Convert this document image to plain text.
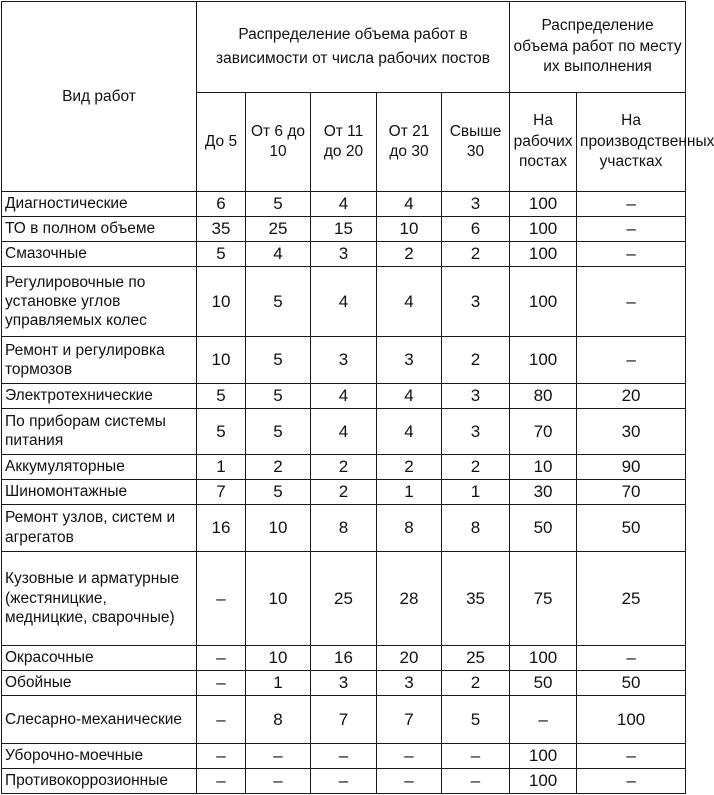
Вид работ	Распределение объема работ в зависимости от числа рабочих постов					Распределение объема работ по месту их выполнения	
	До 5	От 6 до 10	От 11 до 20	От 21 до 30	Свыше 30	На рабочих постах	На производственных участках
Диагностические	6	5	4	4	3	100	–
ТО в полном объеме	35	25	15	10	6	100	–
Смазочные	5	4	3	2	2	100	–
Регулировочные по установке углов управляемых колес	10	5	4	4	3	100	–
Ремонт и регулировка тормозов	10	5	3	3	2	100	–
Электротехнические	5	5	4	4	3	80	20
По приборам системы питания	5	5	4	4	3	70	30
Аккумуляторные	1	2	2	2	2	10	90
Шиномонтажные	7	5	2	1	1	30	70
Ремонт узлов, систем и агрегатов	16	10	8	8	8	50	50
Кузовные и арматурные (жестяницкие, медницкие, сварочные)	–	10	25	28	35	75	25
Окрасочные	–	10	16	20	25	100	–
Обойные	–	1	3	3	2	50	50
Слесарно-механические	–	8	7	7	5	–	100
Уборочно-моечные	–	–	–	–	–	100	–
Противокоррозионные	–	–	–	–	–	100	–
